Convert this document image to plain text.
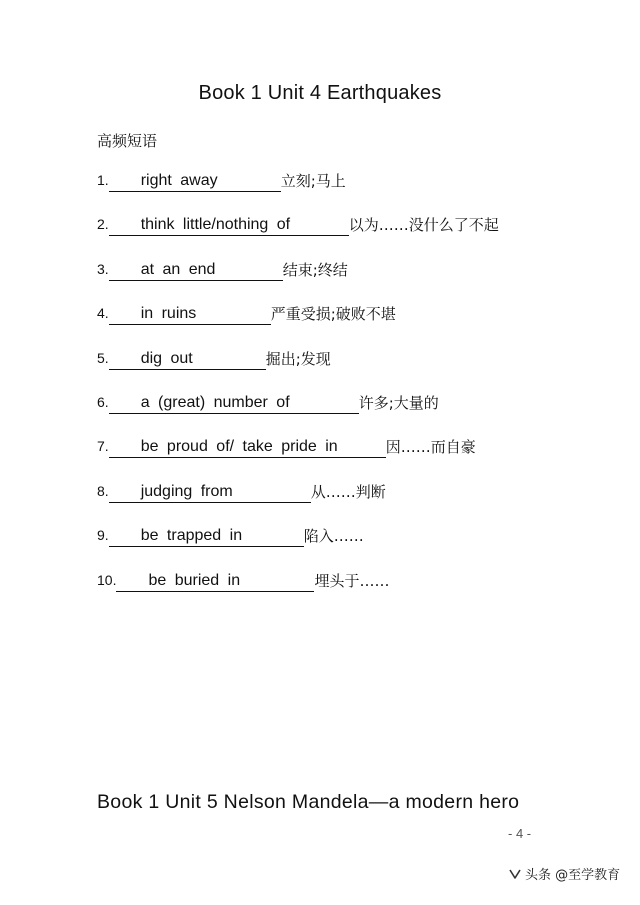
Book 1 Unit 4 Earthquakes
高频短语
1.	right away	立刻;马上
2.	think little/nothing of	以为……没什么了不起
3.	at an end	结束;终结
4.	in ruins	严重受损;破败不堪
5.	dig out	掘出;发现
6.	a (great) number of	许多;大量的
7.	be proud of/ take pride in	因……而自豪
8.	judging from	从……判断
9.	be trapped in	陷入……
10.	be buried in	埋头于……
Book 1 Unit 5 Nelson Mandela—a modern hero
- 4 -
头条 @至学教育
